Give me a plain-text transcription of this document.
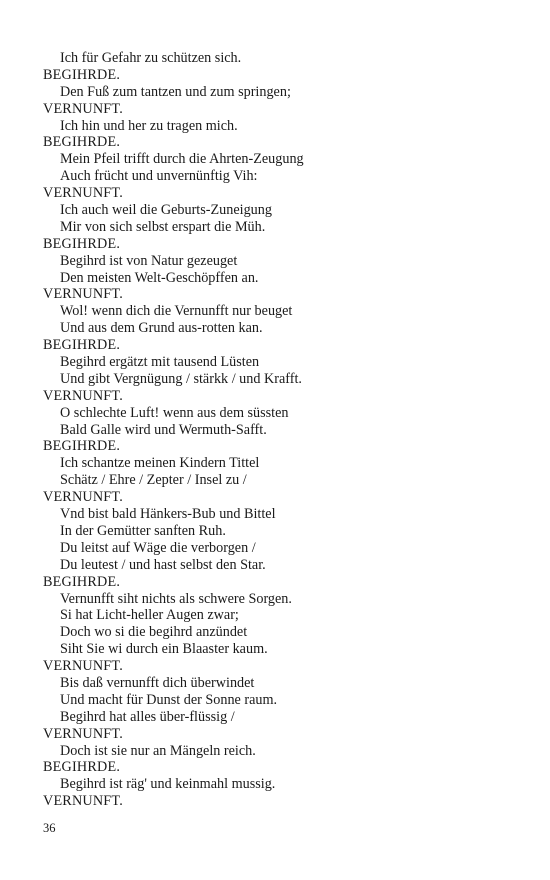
Ich für Gefahr zu schützen sich.
BEGIHRDE.
Den Fuß zum tantzen und zum springen;
VERNUNFT.
Ich hin und her zu tragen mich.
BEGIHRDE.
Mein Pfeil trifft durch die Ahrten-Zeugung
Auch frücht und unvernünftig Vih:
VERNUNFT.
Ich auch weil die Geburts-Zuneigung
Mir von sich selbst erspart die Müh.
BEGIHRDE.
Begihrd ist von Natur gezeuget
Den meisten Welt-Geschöpffen an.
VERNUNFT.
Wol! wenn dich die Vernunfft nur beuget
Und aus dem Grund aus-rotten kan.
BEGIHRDE.
Begihrd ergätzt mit tausend Lüsten
Und gibt Vergnügung / stärkk / und Krafft.
VERNUNFT.
O schlechte Luft! wenn aus dem süssten
Bald Galle wird und Wermuth-Safft.
BEGIHRDE.
Ich schantze meinen Kindern Tittel
Schätz / Ehre / Zepter / Insel zu /
VERNUNFT.
Vnd bist bald Hänkers-Bub und Bittel
In der Gemütter sanften Ruh.
Du leitst auf Wäge die verborgen /
Du leutest / und hast selbst den Star.
BEGIHRDE.
Vernunfft siht nichts als schwere Sorgen.
Si hat Licht-heller Augen zwar;
Doch wo si die begihrd anzündet
Siht Sie wi durch ein Blaaster kaum.
VERNUNFT.
Bis daß vernunfft dich überwindet
Und macht für Dunst der Sonne raum.
Begihrd hat alles über-flüssig /
VERNUNFT.
Doch ist sie nur an Mängeln reich.
BEGIHRDE.
Begihrd ist räg' und keinmahl mussig.
VERNUNFT.
36
